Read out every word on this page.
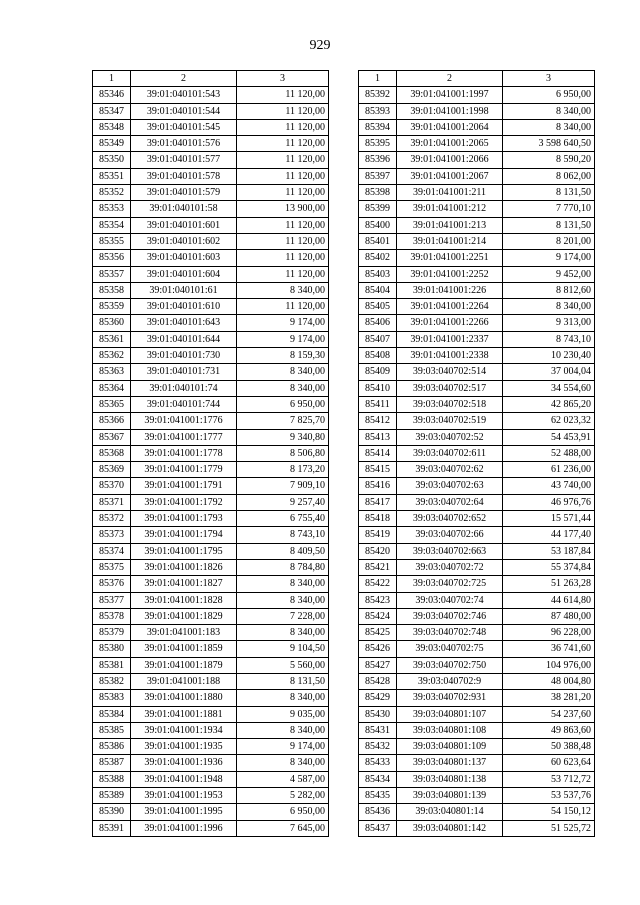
929
1	2	3
85346	39:01:040101:543	11 120,00
85347	39:01:040101:544	11 120,00
85348	39:01:040101:545	11 120,00
85349	39:01:040101:576	11 120,00
85350	39:01:040101:577	11 120,00
85351	39:01:040101:578	11 120,00
85352	39:01:040101:579	11 120,00
85353	39:01:040101:58	13 900,00
85354	39:01:040101:601	11 120,00
85355	39:01:040101:602	11 120,00
85356	39:01:040101:603	11 120,00
85357	39:01:040101:604	11 120,00
85358	39:01:040101:61	8 340,00
85359	39:01:040101:610	11 120,00
85360	39:01:040101:643	9 174,00
85361	39:01:040101:644	9 174,00
85362	39:01:040101:730	8 159,30
85363	39:01:040101:731	8 340,00
85364	39:01:040101:74	8 340,00
85365	39:01:040101:744	6 950,00
85366	39:01:041001:1776	7 825,70
85367	39:01:041001:1777	9 340,80
85368	39:01:041001:1778	8 506,80
85369	39:01:041001:1779	8 173,20
85370	39:01:041001:1791	7 909,10
85371	39:01:041001:1792	9 257,40
85372	39:01:041001:1793	6 755,40
85373	39:01:041001:1794	8 743,10
85374	39:01:041001:1795	8 409,50
85375	39:01:041001:1826	8 784,80
85376	39:01:041001:1827	8 340,00
85377	39:01:041001:1828	8 340,00
85378	39:01:041001:1829	7 228,00
85379	39:01:041001:183	8 340,00
85380	39:01:041001:1859	9 104,50
85381	39:01:041001:1879	5 560,00
85382	39:01:041001:188	8 131,50
85383	39:01:041001:1880	8 340,00
85384	39:01:041001:1881	9 035,00
85385	39:01:041001:1934	8 340,00
85386	39:01:041001:1935	9 174,00
85387	39:01:041001:1936	8 340,00
85388	39:01:041001:1948	4 587,00
85389	39:01:041001:1953	5 282,00
85390	39:01:041001:1995	6 950,00
85391	39:01:041001:1996	7 645,00
1	2	3
85392	39:01:041001:1997	6 950,00
85393	39:01:041001:1998	8 340,00
85394	39:01:041001:2064	8 340,00
85395	39:01:041001:2065	3 598 640,50
85396	39:01:041001:2066	8 590,20
85397	39:01:041001:2067	8 062,00
85398	39:01:041001:211	8 131,50
85399	39:01:041001:212	7 770,10
85400	39:01:041001:213	8 131,50
85401	39:01:041001:214	8 201,00
85402	39:01:041001:2251	9 174,00
85403	39:01:041001:2252	9 452,00
85404	39:01:041001:226	8 812,60
85405	39:01:041001:2264	8 340,00
85406	39:01:041001:2266	9 313,00
85407	39:01:041001:2337	8 743,10
85408	39:01:041001:2338	10 230,40
85409	39:03:040702:514	37 004,04
85410	39:03:040702:517	34 554,60
85411	39:03:040702:518	42 865,20
85412	39:03:040702:519	62 023,32
85413	39:03:040702:52	54 453,91
85414	39:03:040702:611	52 488,00
85415	39:03:040702:62	61 236,00
85416	39:03:040702:63	43 740,00
85417	39:03:040702:64	46 976,76
85418	39:03:040702:652	15 571,44
85419	39:03:040702:66	44 177,40
85420	39:03:040702:663	53 187,84
85421	39:03:040702:72	55 374,84
85422	39:03:040702:725	51 263,28
85423	39:03:040702:74	44 614,80
85424	39:03:040702:746	87 480,00
85425	39:03:040702:748	96 228,00
85426	39:03:040702:75	36 741,60
85427	39:03:040702:750	104 976,00
85428	39:03:040702:9	48 004,80
85429	39:03:040702:931	38 281,20
85430	39:03:040801:107	54 237,60
85431	39:03:040801:108	49 863,60
85432	39:03:040801:109	50 388,48
85433	39:03:040801:137	60 623,64
85434	39:03:040801:138	53 712,72
85435	39:03:040801:139	53 537,76
85436	39:03:040801:14	54 150,12
85437	39:03:040801:142	51 525,72
